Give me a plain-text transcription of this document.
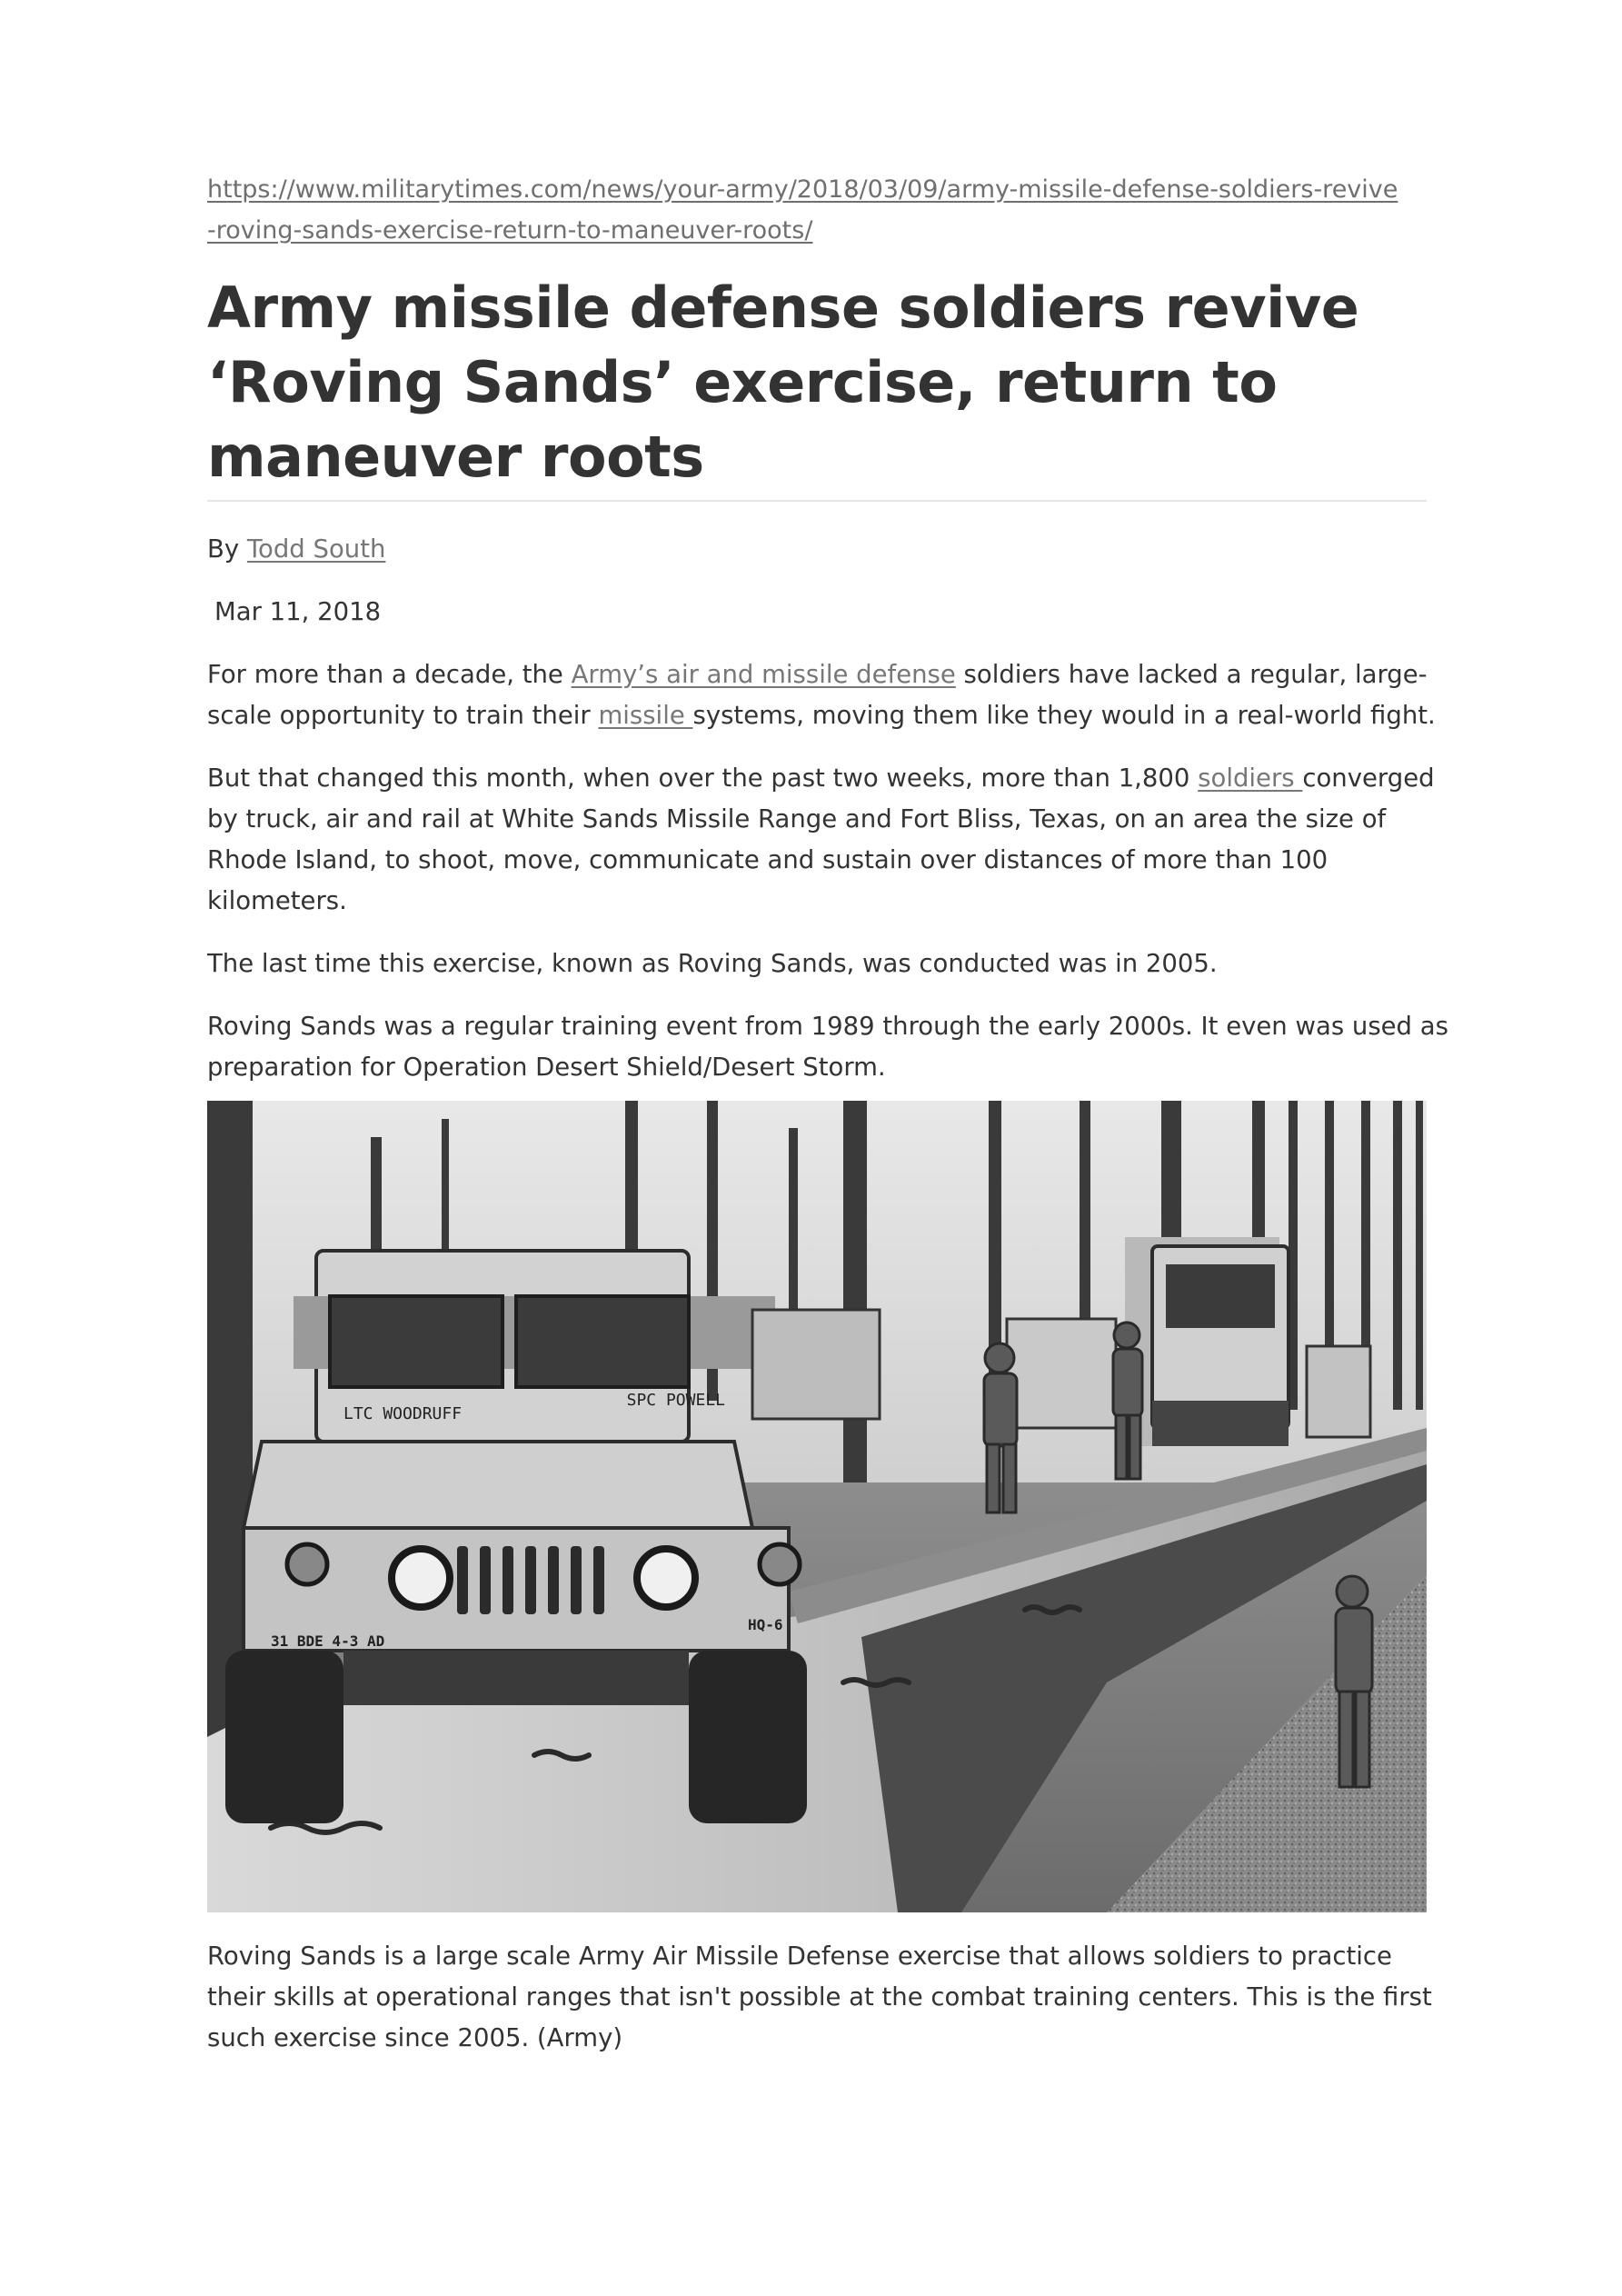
https://www.militarytimes.com/news/your-army/2018/03/09/army-missile-defense-soldiers-revive
-roving-sands-exercise-return-to-maneuver-roots/
Army missile defense soldiers revive
‘Roving Sands’ exercise, return to
maneuver roots
By Todd South
Mar 11, 2018
For more than a decade, the Army’s air and missile defense soldiers have lacked a regular, large-
scale opportunity to train their missile systems, moving them like they would in a real-world fight.
But that changed this month, when over the past two weeks, more than 1,800 soldiers converged
by truck, air and rail at White Sands Missile Range and Fort Bliss, Texas, on an area the size of
Rhode Island, to shoot, move, communicate and sustain over distances of more than 100
kilometers.
The last time this exercise, known as Roving Sands, was conducted was in 2005.
Roving Sands was a regular training event from 1989 through the early 2000s. It even was used as
preparation for Operation Desert Shield/Desert Storm.
LTC WOODRUFF
SPC POWELL
31 BDE 4-3 AD
HQ-6
Roving Sands is a large scale Army Air Missile Defense exercise that allows soldiers to practice
their skills at operational ranges that isn't possible at the combat training centers. This is the first
such exercise since 2005. (Army)
